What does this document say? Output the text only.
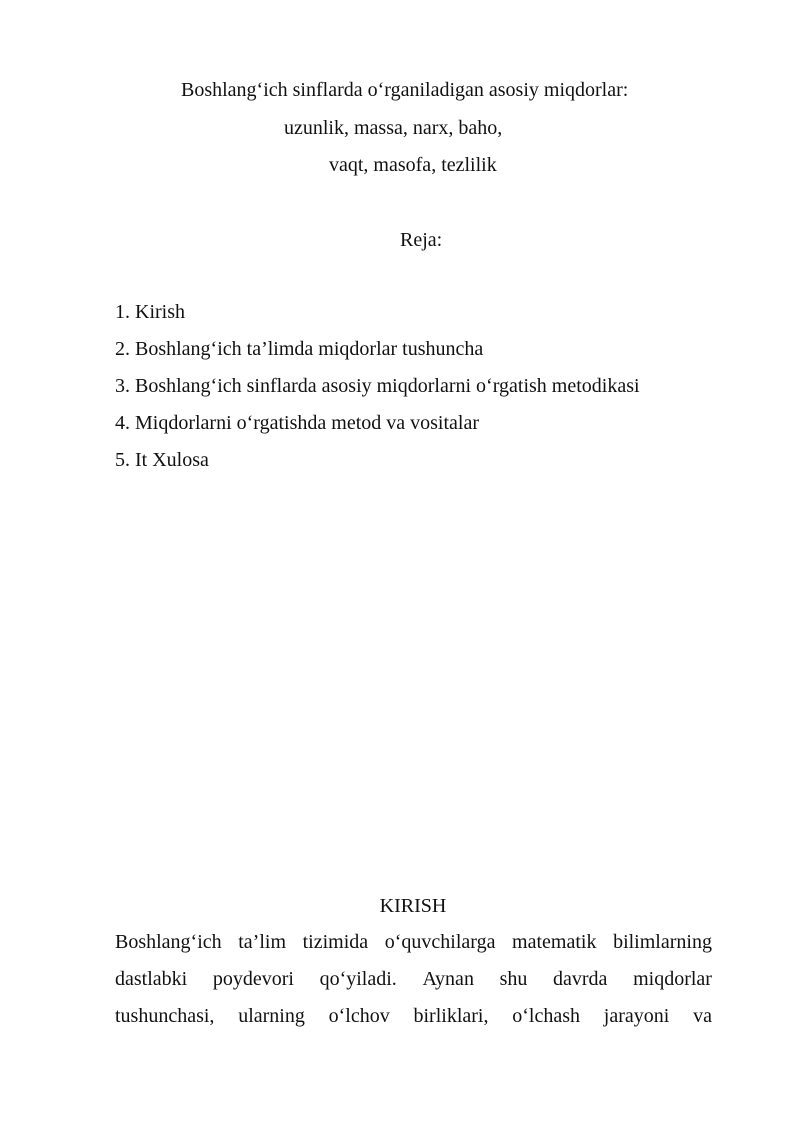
Boshlang‘ich sinflarda o‘rganiladigan asosiy miqdorlar:
uzunlik, massa, narx, baho,
vaqt, masofa, tezlilik
Reja:
1. Kirish
2. Boshlang‘ich ta’limda miqdorlar tushuncha
3. Boshlang‘ich sinflarda asosiy miqdorlarni o‘rgatish metodikasi
4. Miqdorlarni o‘rgatishda metod va vositalar
5. It Xulosa
KIRISH
Boshlang‘ich ta’lim tizimida o‘quvchilarga matematik bilimlarning
dastlabki poydevori qo‘yiladi. Aynan shu davrda miqdorlar
tushunchasi, ularning o‘lchov birliklari, o‘lchash jarayoni va
